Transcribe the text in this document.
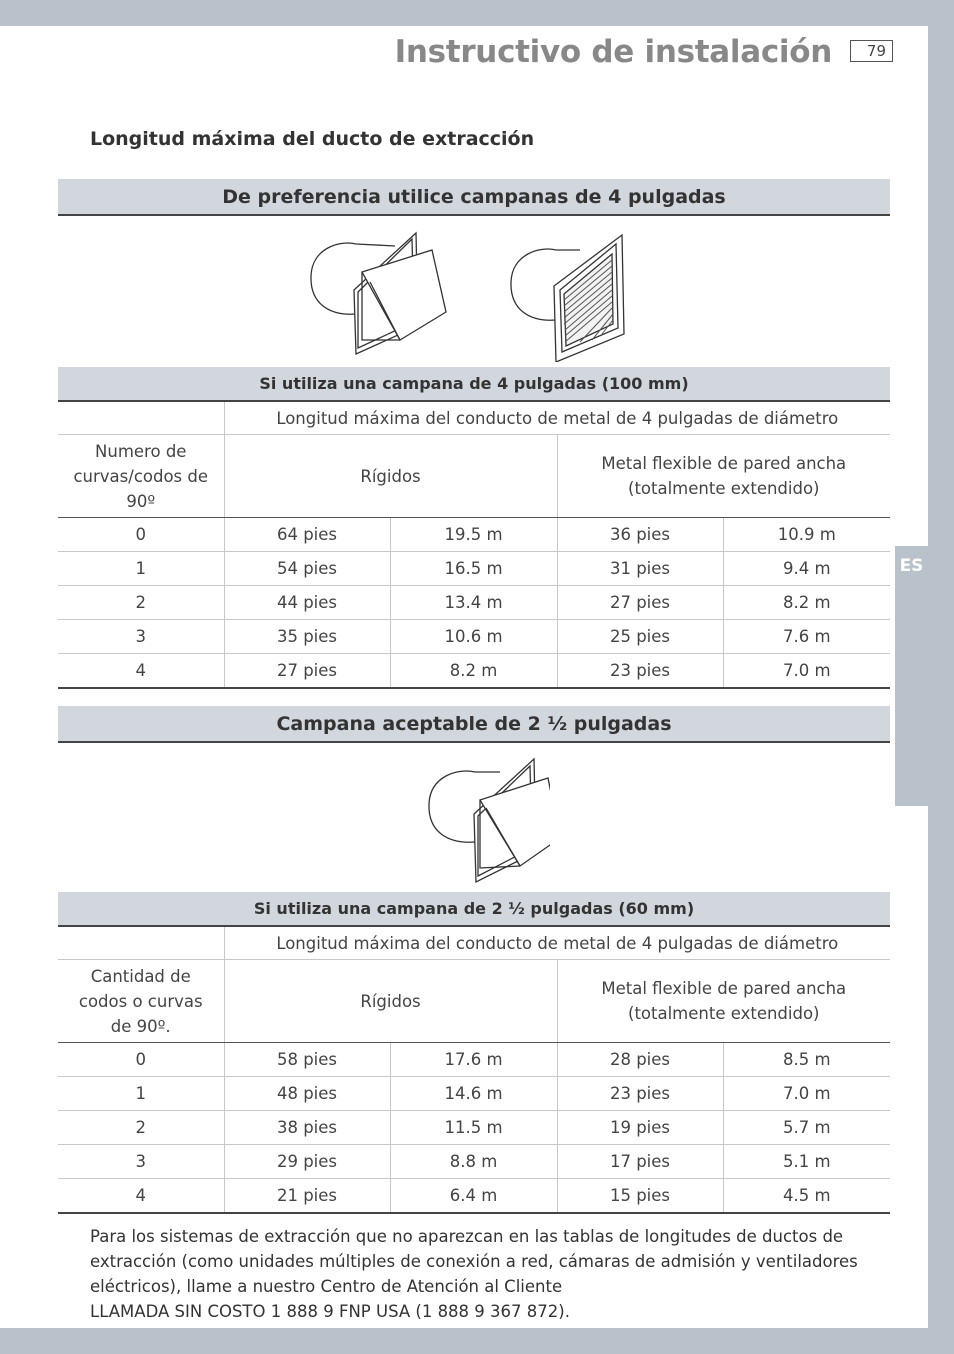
Instructivo de instalación	79
Longitud máxima del ducto de extracción
De preferencia utilice campanas de 4 pulgadas
Si utiliza una campana de 4 pulgadas (100 mm)
	Longitud máxima del conducto de metal de 4 pulgadas de diámetro			
Numero de curvas/codos de 90º	Rígidos		Metal flexible de pared ancha
(totalmente extendido)	
0	64 pies	19.5 m	36 pies	10.9 m
1	54 pies	16.5 m	31 pies	9.4 m
2	44 pies	13.4 m	27 pies	8.2 m
3	35 pies	10.6 m	25 pies	7.6 m
4	27 pies	8.2 m	23 pies	7.0 m
Campana aceptable de 2 ½ pulgadas
Si utiliza una campana de 2 ½ pulgadas (60 mm)
	Longitud máxima del conducto de metal de 4 pulgadas de diámetro			
Cantidad de codos o curvas de 90º.	Rígidos		Metal flexible de pared ancha
(totalmente extendido)	
0	58 pies	17.6 m	28 pies	8.5 m
1	48 pies	14.6 m	23 pies	7.0 m
2	38 pies	11.5 m	19 pies	5.7 m
3	29 pies	8.8 m	17 pies	5.1 m
4	21 pies	6.4 m	15 pies	4.5 m
Para los sistemas de extracción que no aparezcan en las tablas de longitudes de ductos de extracción (como unidades múltiples de conexión a red, cámaras de admisión y ventiladores eléctricos), llame a nuestro Centro de Atención al Cliente
LLAMADA SIN COSTO 1 888 9 FNP USA (1 888 9 367 872).
ES
